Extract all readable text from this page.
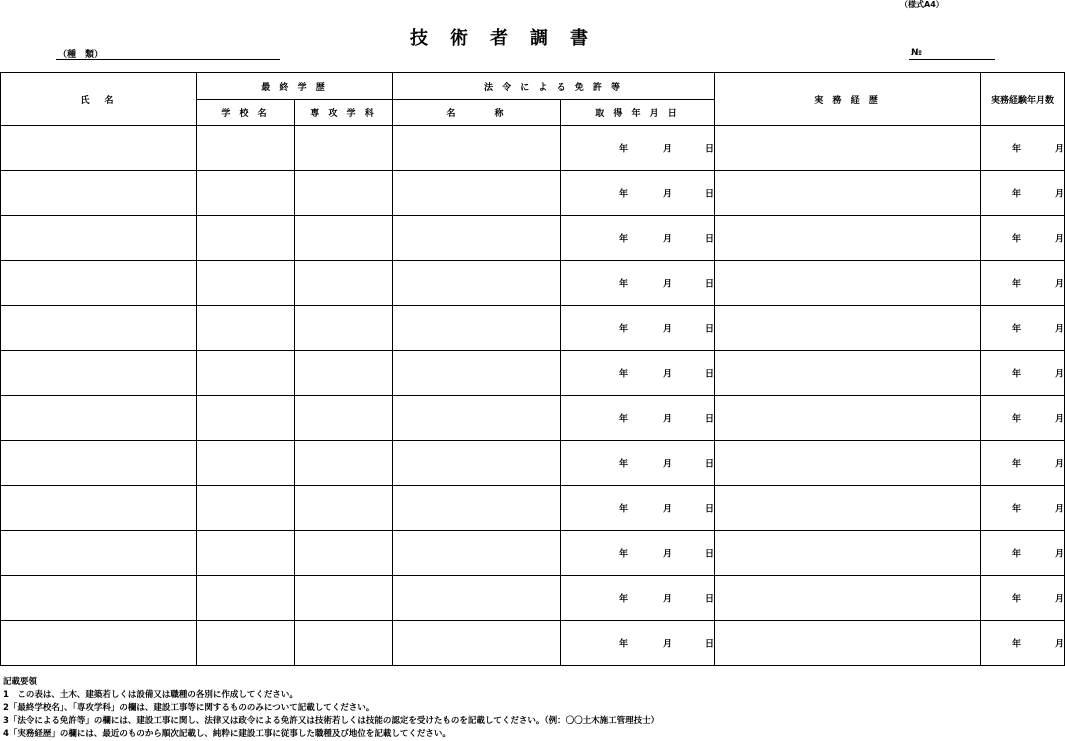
（様式A4）
技術者調書
（種　類）	№
氏　名	最 終 学 歴		法 令 に よ る 免 許 等		実 務 経 歴	実務経験年月数
	学 校 名	専 攻 学 科	名　　　称	取 得 年 月 日		

				年 月 日		年 月

				年 月 日		年 月

				年 月 日		年 月

				年 月 日		年 月

				年 月 日		年 月

				年 月 日		年 月

				年 月 日		年 月

				年 月 日		年 月

				年 月 日		年 月

				年 月 日		年 月

				年 月 日		年 月

				年 月 日		年 月
記載要領
1　この表は、土木、建築若しくは設備又は職種の各別に作成してください。
2「最終学校名」、「専攻学科」の欄は、建設工事等に関するもののみについて記載してください。
3「法令による免許等」の欄には、建設工事に関し、法律又は政令による免許又は技術若しくは技能の認定を受けたものを記載してください。（例：〇〇土木施工管理技士）
4「実務経歴」の欄には、最近のものから順次記載し、純粋に建設工事に従事した職種及び地位を記載してください。
